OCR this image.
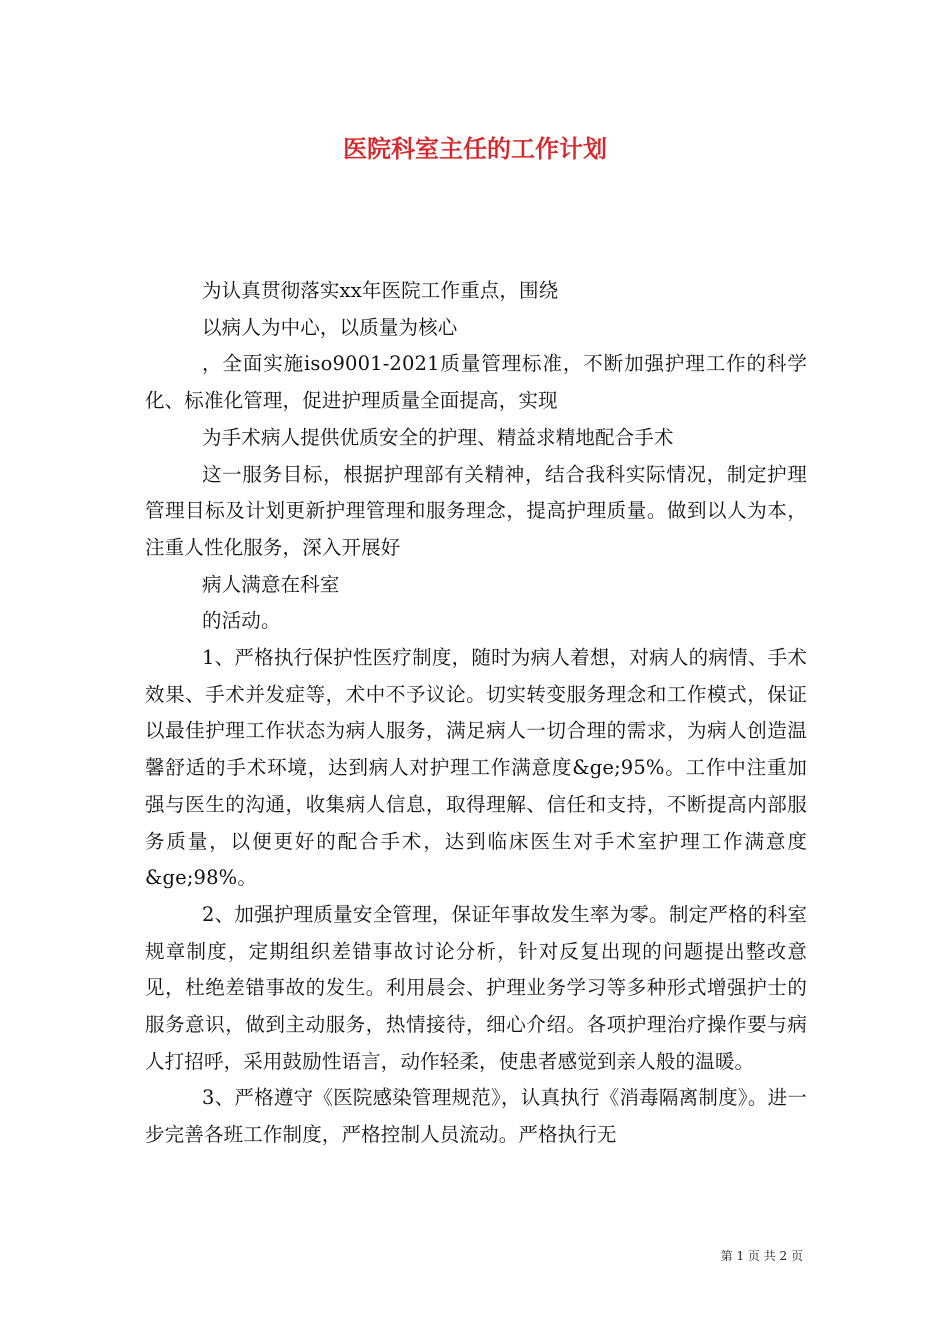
医院科室主任的工作计划

为认真贯彻落实xx年医院工作重点，围绕

以病人为中心，以质量为核心

，全面实施iso9001-2021质量管理标准，不断加强护理工作的科学化、标准化管理，促进护理质量全面提高，实现

为手术病人提供优质安全的护理、精益求精地配合手术

这一服务目标，根据护理部有关精神，结合我科实际情况，制定护理管理目标及计划更新护理管理和服务理念，提高护理质量。做到以人为本，注重人性化服务，深入开展好

病人满意在科室

的活动。

1、严格执行保护性医疗制度，随时为病人着想，对病人的病情、手术效果、手术并发症等，术中不予议论。切实转变服务理念和工作模式，保证以最佳护理工作状态为病人服务，满足病人一切合理的需求，为病人创造温馨舒适的手术环境，达到病人对护理工作满意度&ge;95%。工作中注重加强与医生的沟通，收集病人信息，取得理解、信任和支持，不断提高内部服务质量，以便更好的配合手术，达到临床医生对手术室护理工作满意度&ge;98%。

2、加强护理质量安全管理，保证年事故发生率为零。制定严格的科室规章制度，定期组织差错事故讨论分析，针对反复出现的问题提出整改意见，杜绝差错事故的发生。利用晨会、护理业务学习等多种形式增强护士的服务意识，做到主动服务，热情接待，细心介绍。各项护理治疗操作要与病人打招呼，采用鼓励性语言，动作轻柔，使患者感觉到亲人般的温暖。

3、严格遵守《医院感染管理规范》，认真执行《消毒隔离制度》。进一步完善各班工作制度，严格控制人员流动。严格执行无

第 1 页 共 2 页
